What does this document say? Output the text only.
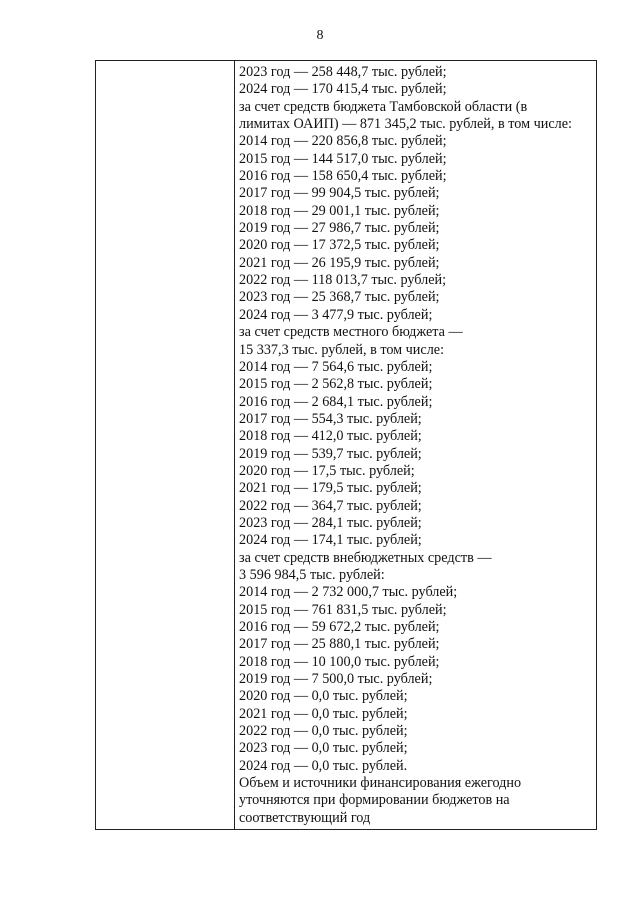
8
2023 год — 258 448,7 тыс. рублей;
2024 год — 170 415,4 тыс. рублей;
за счет средств бюджета Тамбовской области (в
лимитах ОАИП) — 871 345,2 тыс. рублей, в том числе:
2014 год — 220 856,8 тыс. рублей;
2015 год — 144 517,0 тыс. рублей;
2016 год — 158 650,4 тыс. рублей;
2017 год — 99 904,5 тыс. рублей;
2018 год — 29 001,1 тыс. рублей;
2019 год — 27 986,7 тыс. рублей;
2020 год — 17 372,5 тыс. рублей;
2021 год — 26 195,9 тыс. рублей;
2022 год — 118 013,7 тыс. рублей;
2023 год — 25 368,7 тыс. рублей;
2024 год — 3 477,9 тыс. рублей;
за счет средств местного бюджета —
15 337,3 тыс. рублей, в том числе:
2014 год — 7 564,6 тыс. рублей;
2015 год — 2 562,8 тыс. рублей;
2016 год — 2 684,1 тыс. рублей;
2017 год — 554,3 тыс. рублей;
2018 год — 412,0 тыс. рублей;
2019 год — 539,7 тыс. рублей;
2020 год — 17,5 тыс. рублей;
2021 год — 179,5 тыс. рублей;
2022 год — 364,7 тыс. рублей;
2023 год — 284,1 тыс. рублей;
2024 год — 174,1 тыс. рублей;
за счет средств внебюджетных средств —
3 596 984,5 тыс. рублей:
2014 год — 2 732 000,7 тыс. рублей;
2015 год — 761 831,5 тыс. рублей;
2016 год — 59 672,2 тыс. рублей;
2017 год — 25 880,1 тыс. рублей;
2018 год — 10 100,0 тыс. рублей;
2019 год — 7 500,0 тыс. рублей;
2020 год — 0,0 тыс. рублей;
2021 год — 0,0 тыс. рублей;
2022 год — 0,0 тыс. рублей;
2023 год — 0,0 тыс. рублей;
2024 год — 0,0 тыс. рублей.
Объем и источники финансирования ежегодно
уточняются при формировании бюджетов на
соответствующий год
